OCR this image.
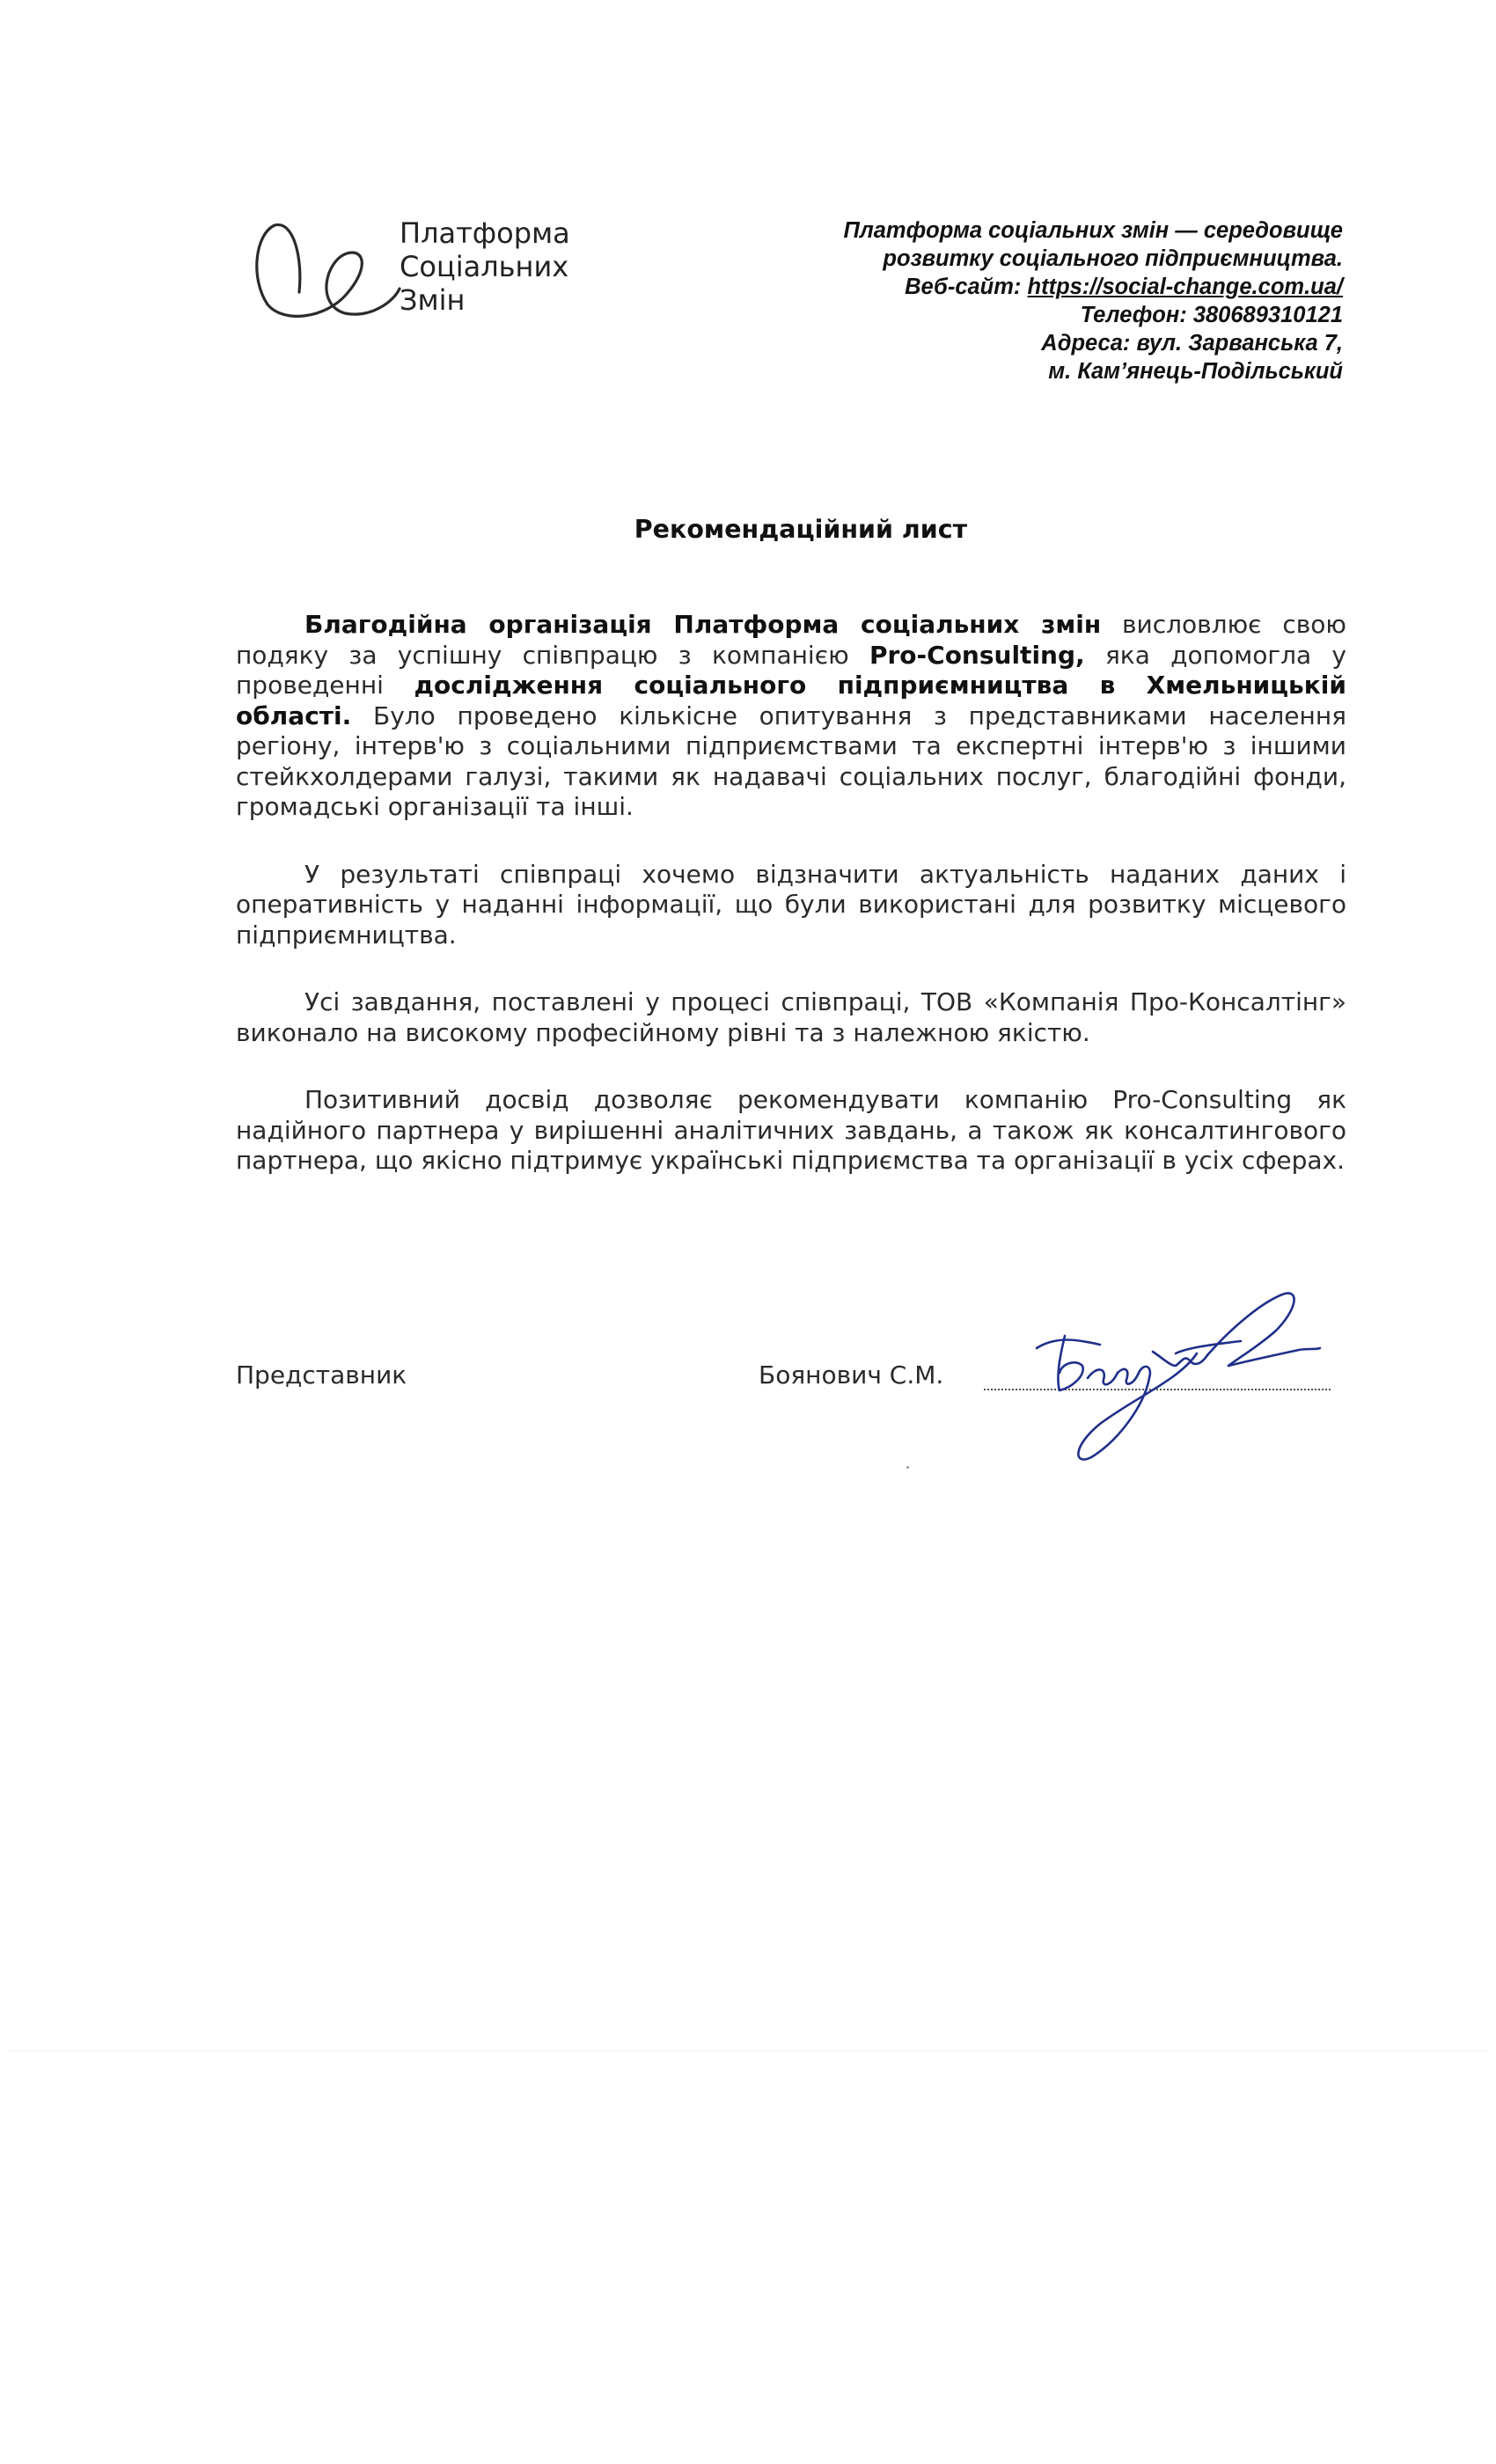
Платформа
Соціальних
Змін
Платформа соціальних змін — середовище
розвитку соціального підприємництва.
Веб-сайт: https://social-change.com.ua/
Телефон: 380689310121
Адреса: вул. Зарванська 7,
м. Кам’янець-Подільський
Рекомендаційний лист

Благодійна організація Платформа соціальних змін висловлює свою подяку за успішну співпрацю з компанією Pro-Consulting, яка допомогла у проведенні дослідження соціального підприємництва в Хмельницькій області. Було проведено кількісне опитування з представниками населення регіону, інтерв'ю з соціальними підприємствами та експертні інтерв'ю з іншими стейкхолдерами галузі, такими як надавачі соціальних послуг, благодійні фонди, громадські організації та інші.

У результаті співпраці хочемо відзначити актуальність наданих даних і оперативність у наданні інформації, що були використані для розвитку місцевого підприємництва.

Усі завдання, поставлені у процесі співпраці, ТОВ «Компанія Про-Консалтінг» виконало на високому професійному рівні та з належною якістю.

Позитивний досвід дозволяє рекомендувати компанію Pro-Consulting як надійного партнера у вирішенні аналітичних завдань, а також як консалтингового партнера, що якісно підтримує українські підприємства та організації в усіх сферах.

Представник	Боянович С.М.
